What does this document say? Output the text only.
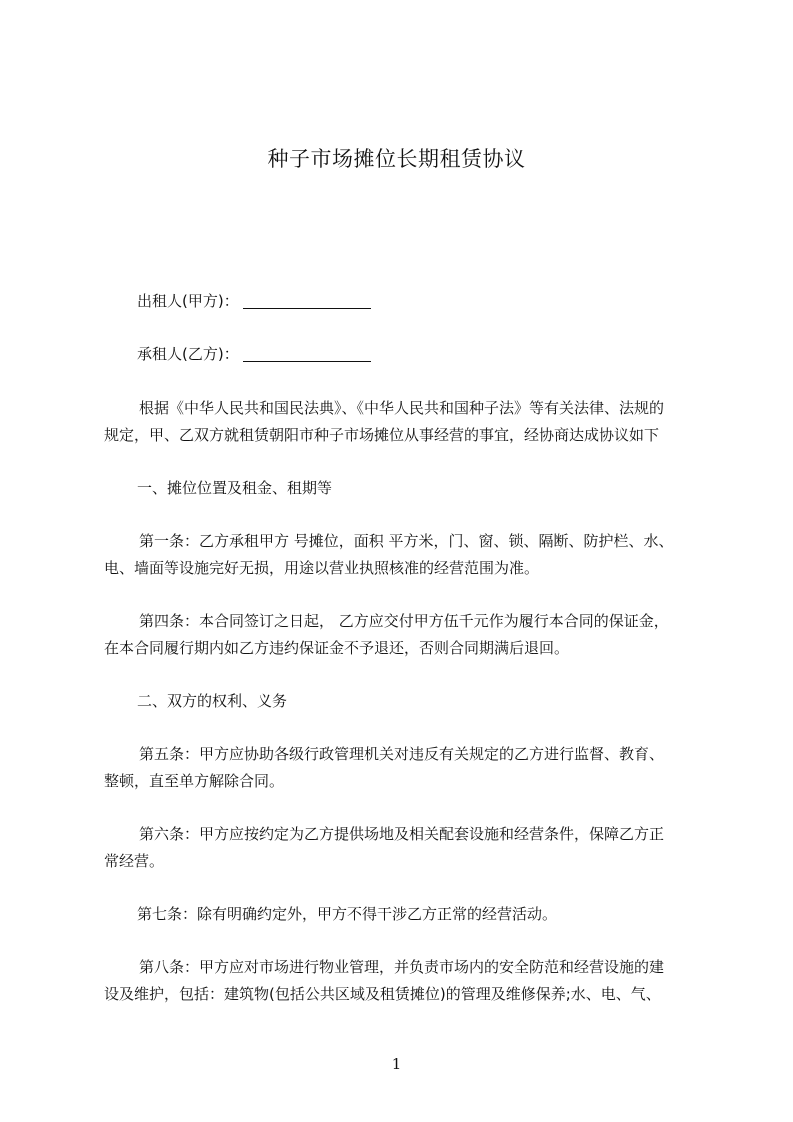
种子市场摊位长期租赁协议
出租人(甲方)：
承租人(乙方)：
根据《中华人民共和国民法典》、《中华人民共和国种子法》等有关法律、法规的
规定，甲、乙双方就租赁朝阳市种子市场摊位从事经营的事宜，经协商达成协议如下
一、摊位位置及租金、租期等
第一条：乙方承租甲方 号摊位，面积 平方米，门、窗、锁、隔断、防护栏、水、
电、墙面等设施完好无损，用途以营业执照核准的经营范围为准。
第四条：本合同签订之日起， 乙方应交付甲方伍千元作为履行本合同的保证金，
在本合同履行期内如乙方违约保证金不予退还，否则合同期满后退回。
二、双方的权利、义务
第五条：甲方应协助各级行政管理机关对违反有关规定的乙方进行监督、教育、
整顿，直至单方解除合同。
第六条：甲方应按约定为乙方提供场地及相关配套设施和经营条件，保障乙方正
常经营。
第七条：除有明确约定外，甲方不得干涉乙方正常的经营活动。
第八条：甲方应对市场进行物业管理，并负责市场内的安全防范和经营设施的建
设及维护，包括：建筑物(包括公共区域及租赁摊位)的管理及维修保养;水、电、气、
1
